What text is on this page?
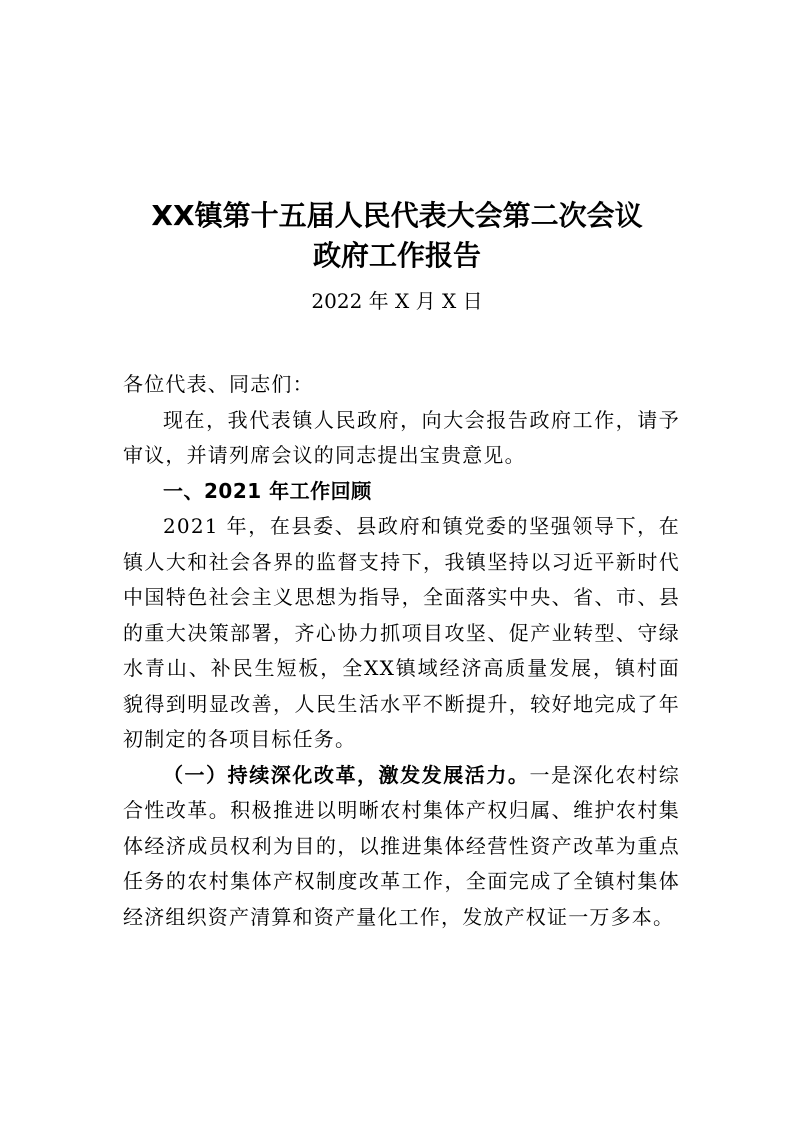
XX镇第十五届人民代表大会第二次会议
政府工作报告
2022 年 X 月 X 日

各位代表、同志们：

现在，我代表镇人民政府，向大会报告政府工作，请予审议，并请列席会议的同志提出宝贵意见。

一、2021 年工作回顾

2021 年，在县委、县政府和镇党委的坚强领导下，在镇人大和社会各界的监督支持下，我镇坚持以习近平新时代中国特色社会主义思想为指导，全面落实中央、省、市、县的重大决策部署，齐心协力抓项目攻坚、促产业转型、守绿水青山、补民生短板，全XX镇域经济高质量发展，镇村面貌得到明显改善，人民生活水平不断提升，较好地完成了年初制定的各项目标任务。

（一）持续深化改革，激发发展活力。一是深化农村综合性改革。积极推进以明晰农村集体产权归属、维护农村集体经济成员权利为目的，以推进集体经营性资产改革为重点任务的农村集体产权制度改革工作，全面完成了全镇村集体经济组织资产清算和资产量化工作，发放产权证一万多本。
